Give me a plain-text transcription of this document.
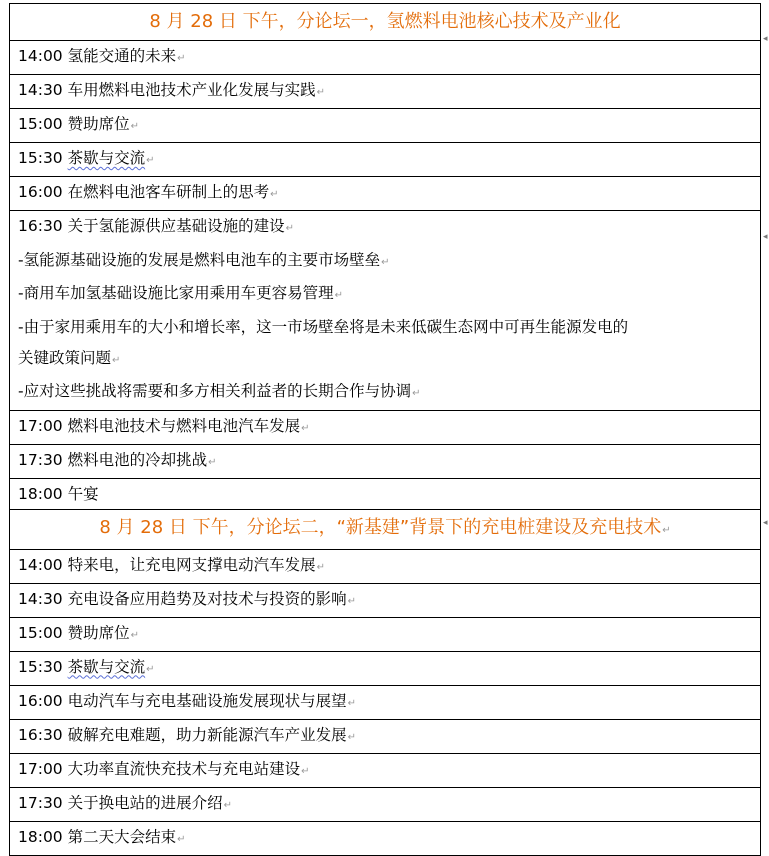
8 月 28 日 下午，分论坛一，氢燃料电池核心技术及产业化
14:00 氢能交通的未来↵
14:30 车用燃料电池技术产业化发展与实践↵
15:00 赞助席位↵
15:30 茶歇与交流↵
16:00 在燃料电池客车研制上的思考↵

16:30 关于氢能源供应基础设施的建设↵
-氢能源基础设施的发展是燃料电池车的主要市场壁垒↵
-商用车加氢基础设施比家用乘用车更容易管理↵
-由于家用乘用车的大小和增长率，这一市场壁垒将是未来低碳生态网中可再生能源发电的
关键政策问题↵
-应对这些挑战将需要和多方相关利益者的长期合作与协调↵

17:00 燃料电池技术与燃料电池汽车发展↵
17:30 燃料电池的冷却挑战↵
18:00 午宴
8 月 28 日 下午，分论坛二，“新基建”背景下的充电桩建设及充电技术↵
14:00 特来电，让充电网支撑电动汽车发展↵
14:30 充电设备应用趋势及对技术与投资的影响↵
15:00 赞助席位↵
15:30 茶歇与交流↵
16:00 电动汽车与充电基础设施发展现状与展望↵
16:30 破解充电难题，助力新能源汽车产业发展↵
17:00 大功率直流快充技术与充电站建设↵
17:30 关于换电站的进展介绍↵
18:00 第二天大会结束↵
◂
◂
◂
